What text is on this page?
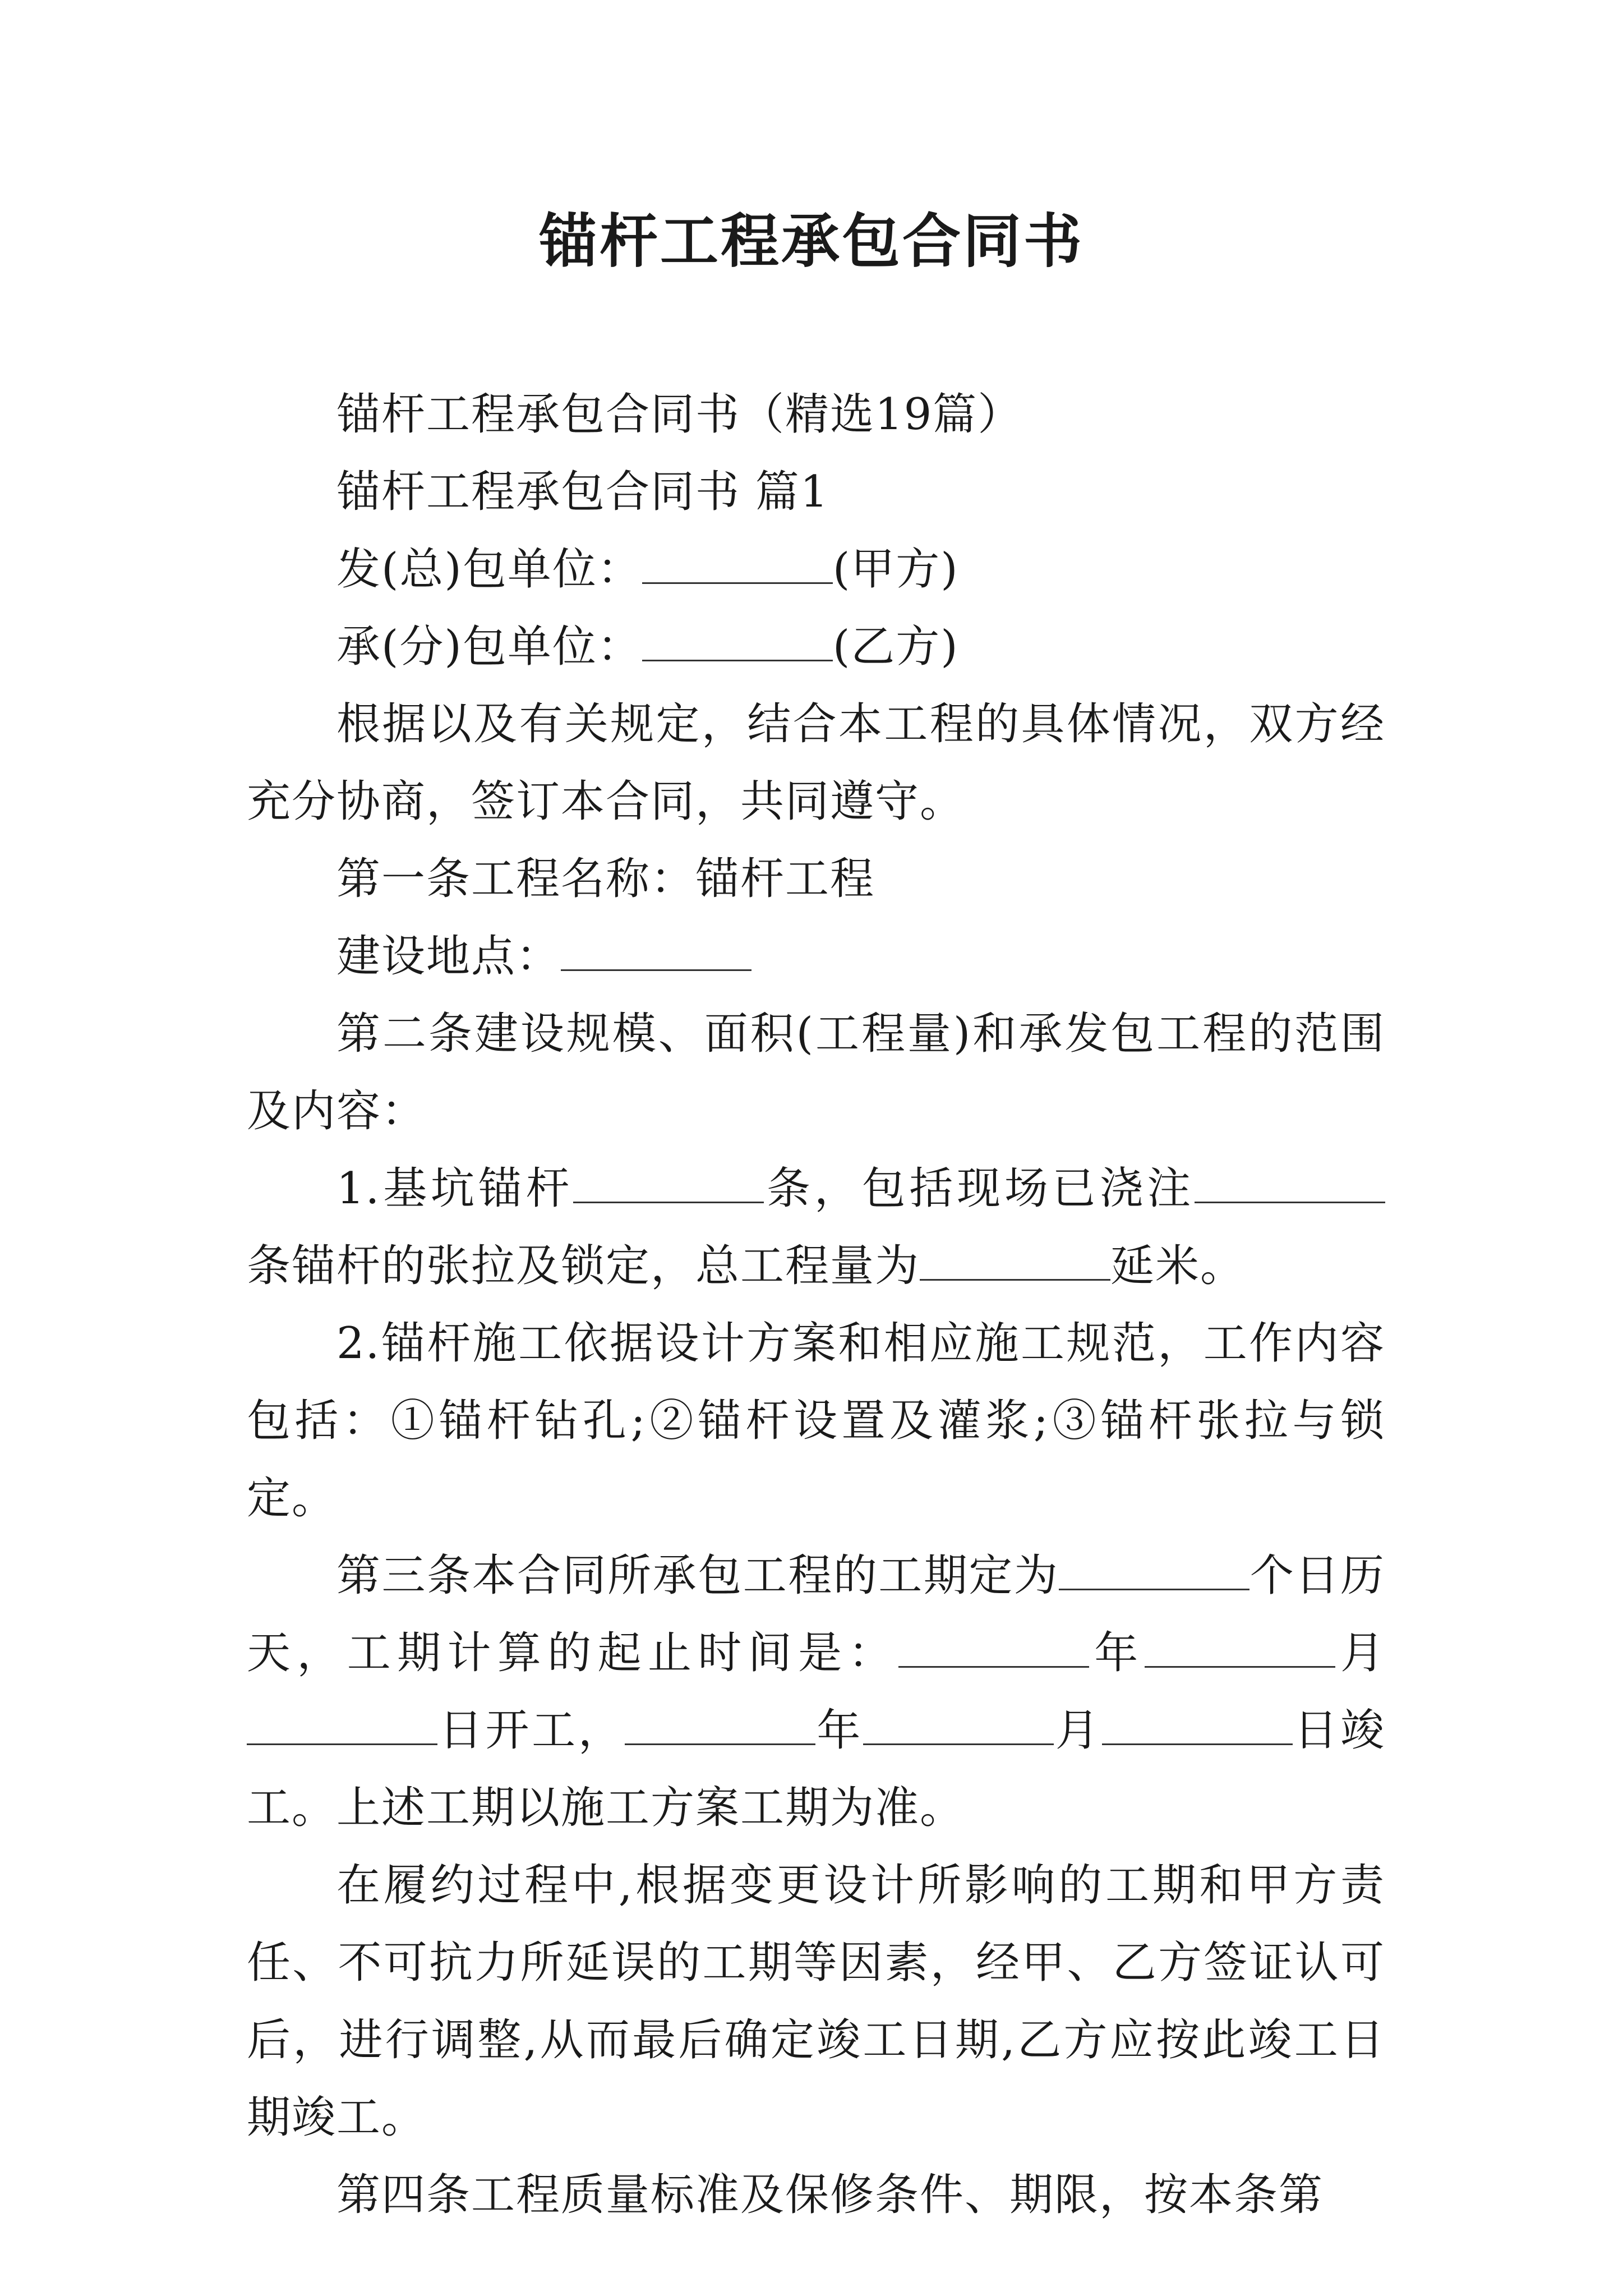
锚杆工程承包合同书

锚杆工程承包合同书（精选19篇）

锚杆工程承包合同书 篇1

发(总)包单位：	(甲方)

承(分)包单位：	(乙方)

根据以及有关规定，结合本工程的具体情况，双方经充分协商，签订本合同，共同遵守。

第一条工程名称：锚杆工程

建设地点：

第二条建设规模、面积(工程量)和承发包工程的范围及内容：

1.基坑锚杆	条，包括现场已浇注条锚杆的张拉及锁定，总工程量为	延米。

2.锚杆施工依据设计方案和相应施工规范，工作内容包括：①锚杆钻孔;②锚杆设置及灌浆;③锚杆张拉与锁定。

第三条本合同所承包工程的工期定为	个日历天，工期计算的起止时间是：	年	月日开工，	年	月	日竣工。上述工期以施工方案工期为准。

在履约过程中,根据变更设计所影响的工期和甲方责任、不可抗力所延误的工期等因素，经甲、乙方签证认可后，进行调整,从而最后确定竣工日期,乙方应按此竣工日期竣工。

第四条工程质量标准及保修条件、期限，按本条第
